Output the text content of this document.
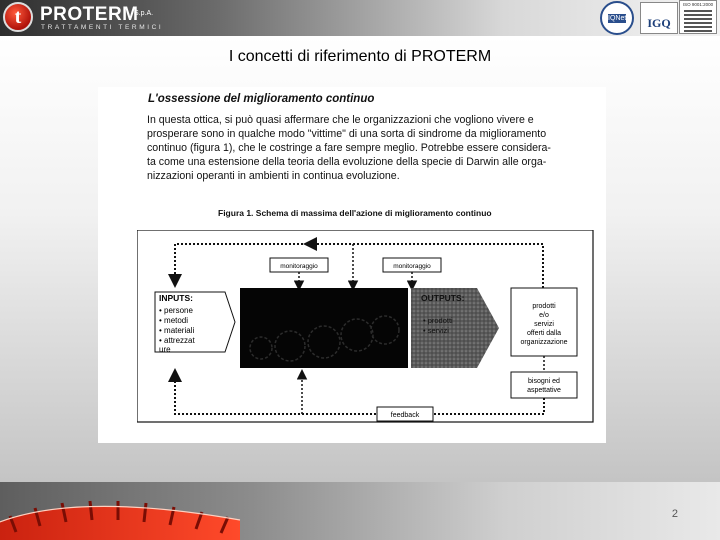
t PROTERM
S.p.A.
TRATTAMENTI TERMICI
IQNet	IGQ
ISO 9001:2000
I concetti di riferimento di PROTERM
L'ossessione del miglioramento continuo

In questa ottica, si può quasi affermare che le organizzazioni che vogliono vivere e
prosperare sono in qualche modo "vittime" di una sorta di sindrome da miglioramento
continuo (figura 1), che le costringe a fare sempre meglio. Potrebbe essere considera-
ta come una estensione della teoria della evoluzione della specie di Darwin alle orga-
nizzazioni operanti in ambienti in continua evoluzione.

Figura 1. Schema di massima dell'azione di miglioramento continuo
monitoraggio	monitoraggio
INPUTS:
• persone
• metodi
• materiali
• attrezzat
ure
OUTPUTS:
• prodotti
• servizi
prodotti
e/o
servizi
offerti dalla
organizzazione
bisogni ed
aspettative
feedback
2
